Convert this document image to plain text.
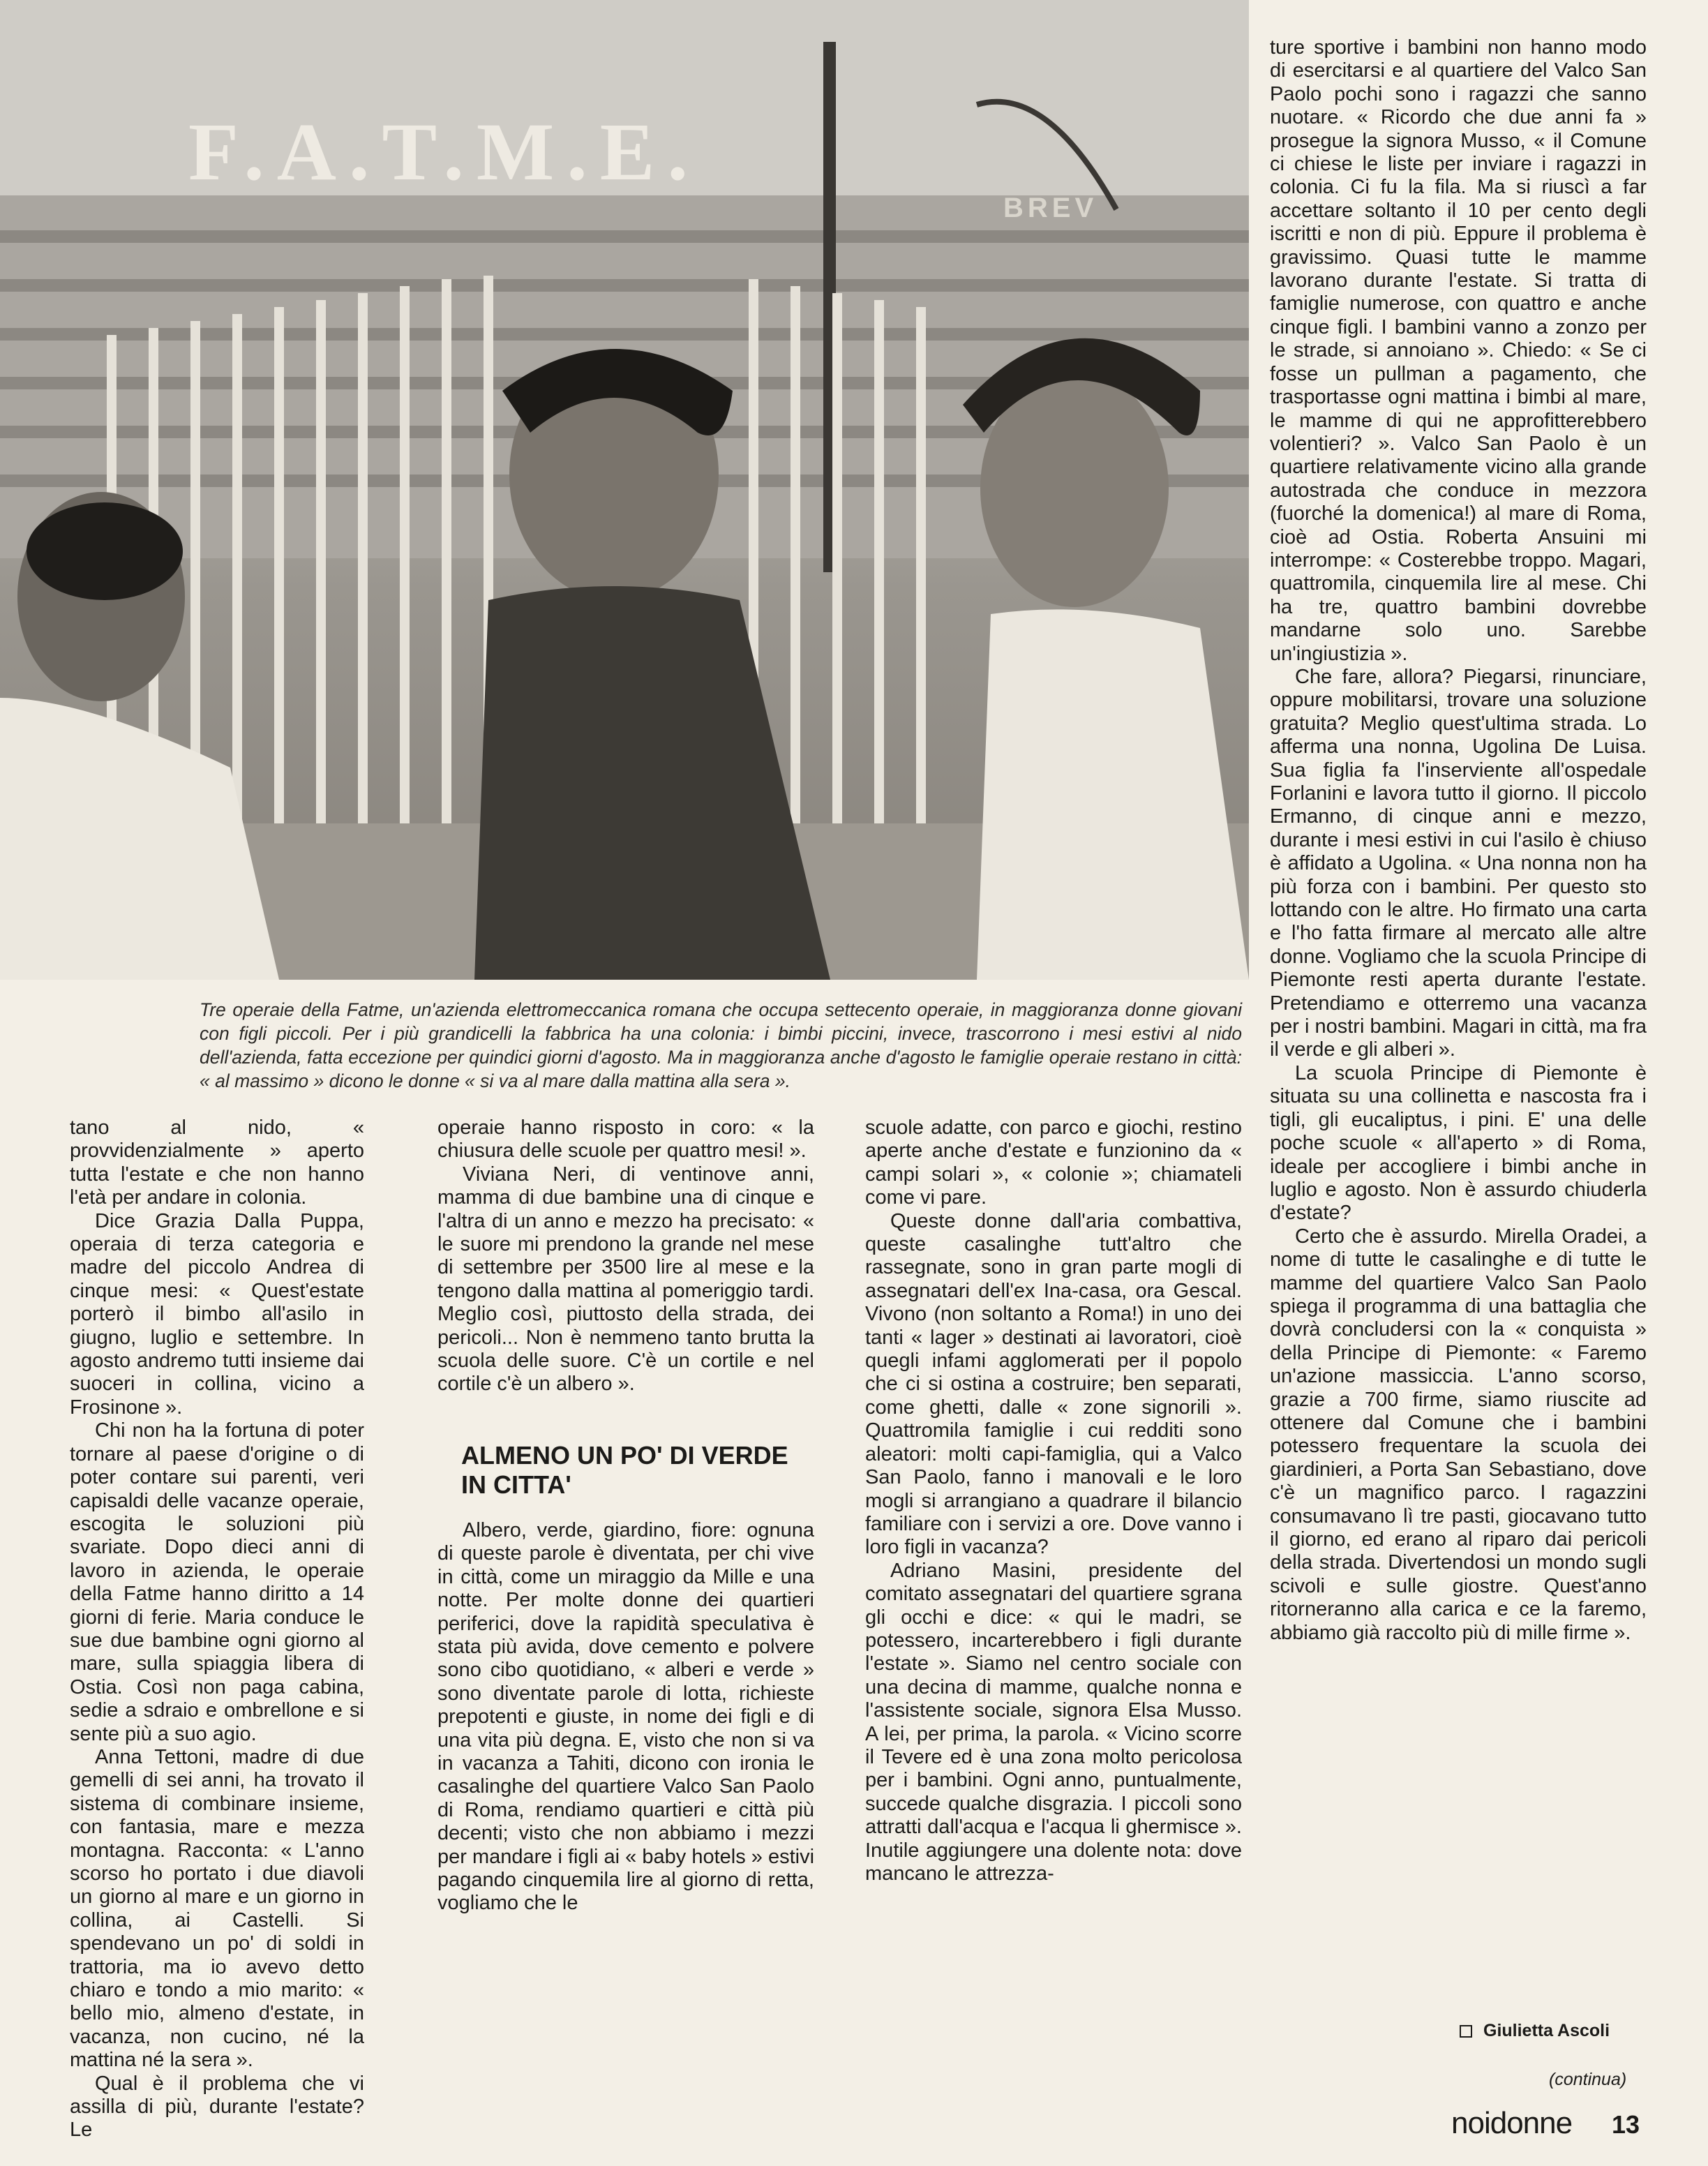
F.A.T.M.E.
BREV
Tre operaie della Fatme, un'azienda elettromeccanica romana che occupa settecento operaie, in maggioranza donne giovani con figli piccoli. Per i più grandicelli la fabbrica ha una colonia: i bimbi piccini, invece, trascorrono i mesi estivi al nido dell'azienda, fatta eccezione per quindici giorni d'agosto. Ma in maggioranza anche d'agosto le famiglie operaie restano in città: « al massimo » dicono le donne « si va al mare dalla mattina alla sera ».

tano al nido, « provvidenzialmente » aperto tutta l'estate e che non hanno l'età per andare in colonia.

Dice Grazia Dalla Puppa, operaia di terza categoria e madre del piccolo Andrea di cinque mesi: « Quest'estate porterò il bimbo all'asilo in giugno, luglio e settembre. In agosto andremo tutti insieme dai suoceri in collina, vicino a Frosinone ».

Chi non ha la fortuna di poter tornare al paese d'origine o di poter contare sui parenti, veri capisaldi delle vacanze operaie, escogita le soluzioni più svariate. Dopo dieci anni di lavoro in azienda, le operaie della Fatme hanno diritto a 14 giorni di ferie. Maria conduce le sue due bambine ogni giorno al mare, sulla spiaggia libera di Ostia. Così non paga cabina, sedie a sdraio e ombrellone e si sente più a suo agio.

Anna Tettoni, madre di due gemelli di sei anni, ha trovato il sistema di combinare insieme, con fantasia, mare e mezza montagna. Racconta: « L'anno scorso ho portato i due diavoli un giorno al mare e un giorno in collina, ai Castelli. Si spendevano un po' di soldi in trattoria, ma io avevo detto chiaro e tondo a mio marito: « bello mio, almeno d'estate, in vacanza, non cucino, né la mattina né la sera ».

Qual è il problema che vi assilla di più, durante l'estate? Le

operaie hanno risposto in coro: « la chiusura delle scuole per quattro mesi! ».

Viviana Neri, di ventinove anni, mamma di due bambine una di cinque e l'altra di un anno e mezzo ha precisato: « le suore mi prendono la grande nel mese di settembre per 3500 lire al mese e la tengono dalla mattina al pomeriggio tardi. Meglio così, piuttosto della strada, dei pericoli... Non è nemmeno tanto brutta la scuola delle suore. C'è un cortile e nel cortile c'è un albero ».

ALMENO UN PO' DI VERDE IN CITTA'

Albero, verde, giardino, fiore: ognuna di queste parole è diventata, per chi vive in città, come un miraggio da Mille e una notte. Per molte donne dei quartieri periferici, dove la rapidità speculativa è stata più avida, dove cemento e polvere sono cibo quotidiano, « alberi e verde » sono diventate parole di lotta, richieste prepotenti e giuste, in nome dei figli e di una vita più degna. E, visto che non si va in vacanza a Tahiti, dicono con ironia le casalinghe del quartiere Valco San Paolo di Roma, rendiamo quartieri e città più decenti; visto che non abbiamo i mezzi per mandare i figli ai « baby hotels » estivi pagando cinquemila lire al giorno di retta, vogliamo che le

scuole adatte, con parco e giochi, restino aperte anche d'estate e funzionino da « campi solari », « colonie »; chiamateli come vi pare.

Queste donne dall'aria combattiva, queste casalinghe tutt'altro che rassegnate, sono in gran parte mogli di assegnatari dell'ex Ina-casa, ora Gescal. Vivono (non soltanto a Roma!) in uno dei tanti « lager » destinati ai lavoratori, cioè quegli infami agglomerati per il popolo che ci si ostina a costruire; ben separati, come ghetti, dalle « zone signorili ». Quattromila famiglie i cui redditi sono aleatori: molti capi-famiglia, qui a Valco San Paolo, fanno i manovali e le loro mogli si arrangiano a quadrare il bilancio familiare con i servizi a ore. Dove vanno i loro figli in vacanza?

Adriano Masini, presidente del comitato assegnatari del quartiere sgrana gli occhi e dice: « qui le madri, se potessero, incarterebbero i figli durante l'estate ». Siamo nel centro sociale con una decina di mamme, qualche nonna e l'assistente sociale, signora Elsa Musso. A lei, per prima, la parola. « Vicino scorre il Tevere ed è una zona molto pericolosa per i bambini. Ogni anno, puntualmente, succede qualche disgrazia. I piccoli sono attratti dall'acqua e l'acqua li ghermisce ». Inutile aggiungere una dolente nota: dove mancano le attrezza-

ture sportive i bambini non hanno modo di esercitarsi e al quartiere del Valco San Paolo pochi sono i ragazzi che sanno nuotare. « Ricordo che due anni fa » prosegue la signora Musso, « il Comune ci chiese le liste per inviare i ragazzi in colonia. Ci fu la fila. Ma si riuscì a far accettare soltanto il 10 per cento degli iscritti e non di più. Eppure il problema è gravissimo. Quasi tutte le mamme lavorano durante l'estate. Si tratta di famiglie numerose, con quattro e anche cinque figli. I bambini vanno a zonzo per le strade, si annoiano ». Chiedo: « Se ci fosse un pullman a pagamento, che trasportasse ogni mattina i bimbi al mare, le mamme di qui ne approfitterebbero volentieri? ». Valco San Paolo è un quartiere relativamente vicino alla grande autostrada che conduce in mezzora (fuorché la domenica!) al mare di Roma, cioè ad Ostia. Roberta Ansuini mi interrompe: « Costerebbe troppo. Magari, quattromila, cinquemila lire al mese. Chi ha tre, quattro bambini dovrebbe mandarne solo uno. Sarebbe un'ingiustizia ».

Che fare, allora? Piegarsi, rinunciare, oppure mobilitarsi, trovare una soluzione gratuita? Meglio quest'ultima strada. Lo afferma una nonna, Ugolina De Luisa. Sua figlia fa l'inserviente all'ospedale Forlanini e lavora tutto il giorno. Il piccolo Ermanno, di cinque anni e mezzo, durante i mesi estivi in cui l'asilo è chiuso è affidato a Ugolina. « Una nonna non ha più forza con i bambini. Per questo sto lottando con le altre. Ho firmato una carta e l'ho fatta firmare al mercato alle altre donne. Vogliamo che la scuola Principe di Piemonte resti aperta durante l'estate. Pretendiamo e otterremo una vacanza per i nostri bambini. Magari in città, ma fra il verde e gli alberi ».

La scuola Principe di Piemonte è situata su una collinetta e nascosta fra i tigli, gli eucaliptus, i pini. E' una delle poche scuole « all'aperto » di Roma, ideale per accogliere i bimbi anche in luglio e agosto. Non è assurdo chiuderla d'estate?

Certo che è assurdo. Mirella Oradei, a nome di tutte le casalinghe e di tutte le mamme del quartiere Valco San Paolo spiega il programma di una battaglia che dovrà concludersi con la « conquista » della Principe di Piemonte: « Faremo un'azione massiccia. L'anno scorso, grazie a 700 firme, siamo riuscite ad ottenere dal Comune che i bambini potessero frequentare la scuola dei giardinieri, a Porta San Sebastiano, dove c'è un magnifico parco. I ragazzini consumavano lì tre pasti, giocavano tutto il giorno, ed erano al riparo dai pericoli della strada. Divertendosi un mondo sugli scivoli e sulle giostre. Quest'anno ritorneranno alla carica e ce la faremo, abbiamo già raccolto più di mille firme ».

Giulietta Ascoli
(continua)
noidonne 13
